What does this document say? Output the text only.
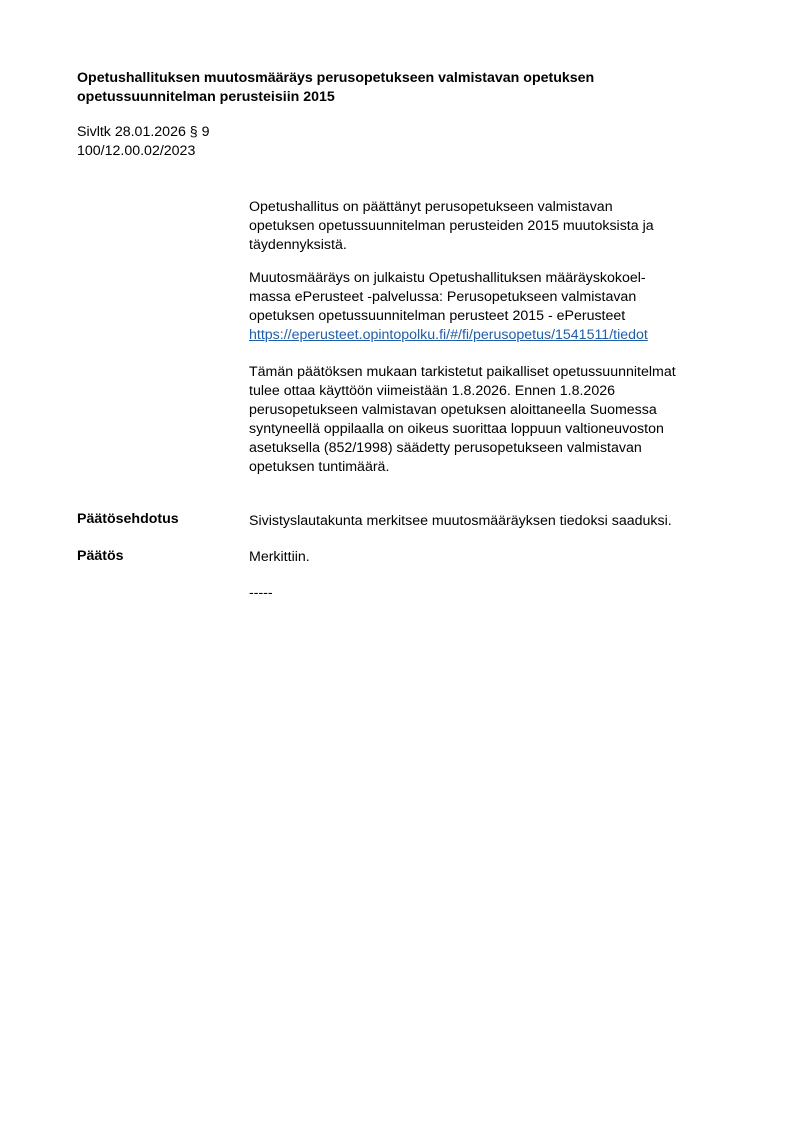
Opetushallituksen muutosmääräys perusopetukseen valmistavan opetuksen
opetussuunnitelman perusteisiin 2015
Sivltk 28.01.2026 § 9
100/12.00.02/2023
Opetushallitus on päättänyt perusopetukseen valmistavan
opetuksen opetussuunnitelman perusteiden 2015 muutoksista ja
täydennyksistä.
Muutosmääräys on julkaistu Opetushallituksen määräyskokoel-
massa ePerusteet -palvelussa: Perusopetukseen valmistavan
opetuksen opetussuunnitelman perusteet 2015 - ePerusteet
https://eperusteet.opintopolku.fi/#/fi/perusopetus/1541511/tiedot
Tämän päätöksen mukaan tarkistetut paikalliset opetussuunnitelmat
tulee ottaa käyttöön viimeistään 1.8.2026. Ennen 1.8.2026
perusopetukseen valmistavan opetuksen aloittaneella Suomessa
syntyneellä oppilaalla on oikeus suorittaa loppuun valtioneuvoston
asetuksella (852/1998) säädetty perusopetukseen valmistavan
opetuksen tuntimäärä.
Päätösehdotus	Sivistyslautakunta merkitsee muutosmääräyksen tiedoksi saaduksi.
Päätös	Merkittiin.
-----
